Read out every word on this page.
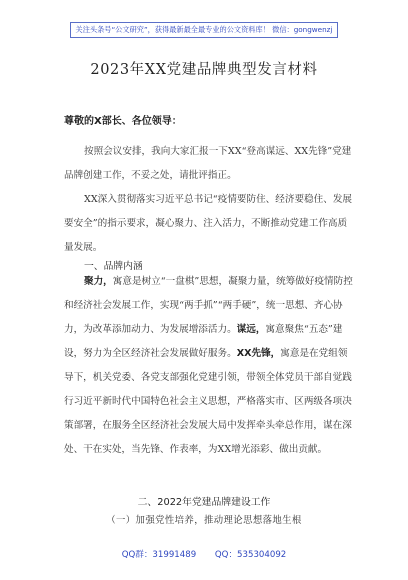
关注头条号“公文研究”，获得最新最全最专业的公文资料库！ 微信：gongwenzj
2023年XX党建品牌典型发言材料
尊敬的X部长、各位领导：
按照会议安排，我向大家汇报一下XX“登高谋远、XX先锋”党建品牌创建工作，不妥之处，请批评指正。
XX深入贯彻落实习近平总书记“疫情要防住、经济要稳住、发展要安全”的指示要求，凝心聚力、注入活力，不断推动党建工作高质量发展。
一、品牌内涵
聚力，寓意是树立“一盘棋”思想，凝聚力量，统筹做好疫情防控和经济社会发展工作，实现“两手抓”“两手硬”，统一思想、齐心协力，为改革添加动力、为发展增添活力。谋远，寓意聚焦“五态”建设，努力为全区经济社会发展做好服务。XX先锋，寓意是在党组领导下，机关党委、各党支部强化党建引领，带领全体党员干部自觉践行习近平新时代中国特色社会主义思想，严格落实市、区两级各项决策部署，在服务全区经济社会发展大局中发挥牵头牵总作用，谋在深处、干在实处，当先锋、作表率，为XX增光添彩、做出贡献。
二、2022年党建品牌建设工作
（一）加强党性培养，推动理论思想落地生根
QQ群：31991489 QQ：535304092
